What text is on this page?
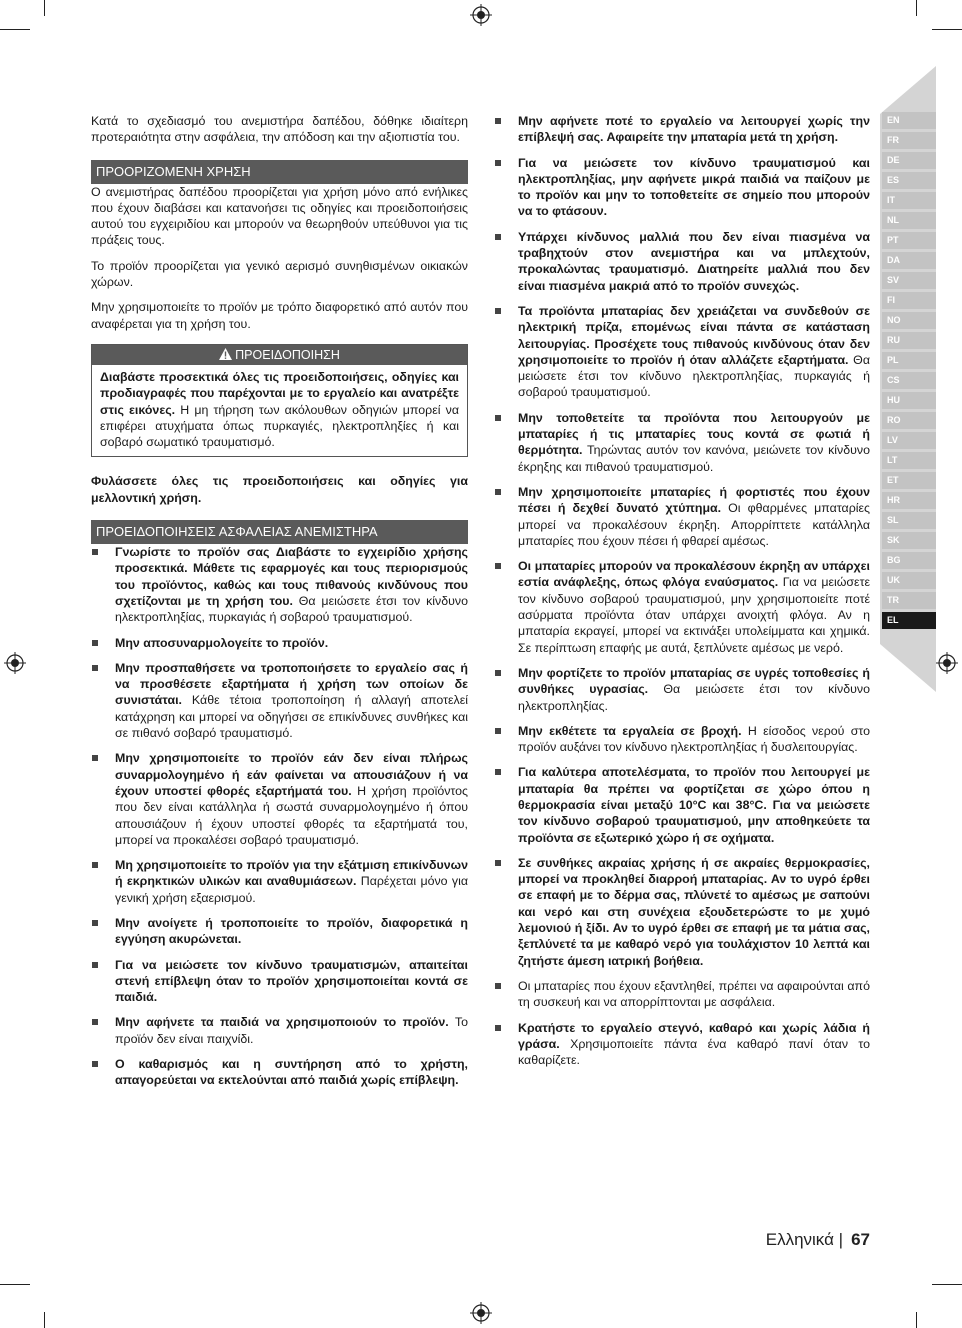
EN
FR
DE
ES
IT
NL
PT
DA
SV
FI
NO
RU
PL
CS
HU
RO
LV
LT
ET
HR
SL
SK
BG
UK
TR
EL

Κατά το σχεδιασμό του ανεμιστήρα δαπέδου, δόθηκε ιδιαίτερη προτεραιότητα στην ασφάλεια, την απόδοση και την αξιοπιστία του.

ΠΡΟΟΡΙΖΟΜΕΝΗ ΧΡΗΣΗ

Ο ανεμιστήρας δαπέδου προορίζεται για χρήση μόνο από ενήλικες που έχουν διαβάσει και κατανοήσει τις οδηγίες και προειδοποιήσεις αυτού του εγχειριδίου και μπορούν να θεωρηθούν υπεύθυνοι για τις πράξεις τους.

Το προϊόν προορίζεται για γενικό αερισμό συνηθισμένων οικιακών χώρων.

Μην χρησιμοποιείτε το προϊόν με τρόπο διαφορετικό από αυτόν που αναφέρεται για τη χρήση του.

ΠΡΟΕΙΔΟΠΟΙΗΣΗ
Διαβάστε προσεκτικά όλες τις προειδοποιήσεις, οδηγίες και προδιαγραφές που παρέχονται με το εργαλείο και ανατρέξτε στις εικόνες. Η μη τήρηση των ακόλουθων οδηγιών μπορεί να επιφέρει ατυχήματα όπως πυρκαγιές, ηλεκτροπληξίες ή και σοβαρό σωματικό τραυματισμό.

Φυλάσσετε όλες τις προειδοποιήσεις και οδηγίες για μελλοντική χρήση.

ΠΡΟΕΙΔΟΠΟΙΗΣΕΙΣ ΑΣΦΑΛΕΙΑΣ ΑΝΕΜΙΣΤΗΡΑ
Γνωρίστε το προϊόν σας Διαβάστε το εγχειρίδιο χρήσης προσεκτικά. Μάθετε τις εφαρμογές και τους περιορισμούς του προϊόντος, καθώς και τους πιθανούς κινδύνους που σχετίζονται με τη χρήση του. Θα μειώσετε έτσι τον κίνδυνο ηλεκτροπληξίας, πυρκαγιάς ή σοβαρού τραυματισμού.
Μην αποσυναρμολογείτε το προϊόν.
Μην προσπαθήσετε να τροποποιήσετε το εργαλείο σας ή να προσθέσετε εξαρτήματα ή χρήση των οποίων δε συνιστάται. Κάθε τέτοια τροποποίηση ή αλλαγή αποτελεί κατάχρηση και μπορεί να οδηγήσει σε επικίνδυνες συνθήκες και σε πιθανό σοβαρό τραυματισμό.
Μην χρησιμοποιείτε το προϊόν εάν δεν είναι πλήρως συναρμολογημένο ή εάν φαίνεται να απουσιάζουν ή να έχουν υποστεί φθορές εξαρτήματά του. Η χρήση προϊόντος που δεν είναι κατάλληλα ή σωστά συναρμολογημένο ή όπου απουσιάζουν ή έχουν υποστεί φθορές τα εξαρτήματά του, μπορεί να προκαλέσει σοβαρό τραυματισμό.
Μη χρησιμοποιείτε το προϊόν για την εξάτμιση επικίνδυνων ή εκρηκτικών υλικών και αναθυμιάσεων. Παρέχεται μόνο για γενική χρήση εξαερισμού.
Μην ανοίγετε ή τροποποιείτε το προϊόν, διαφορετικά η εγγύηση ακυρώνεται.
Για να μειώσετε τον κίνδυνο τραυματισμών, απαιτείται στενή επίβλεψη όταν το προϊόν χρησιμοποιείται κοντά σε παιδιά.
Μην αφήνετε τα παιδιά να χρησιμοποιούν το προϊόν. Το προϊόν δεν είναι παιχνίδι.
Ο καθαρισμός και η συντήρηση από το χρήστη, απαγορεύεται να εκτελούνται από παιδιά χωρίς επίβλεψη.
Μην αφήνετε ποτέ το εργαλείο να λειτουργεί χωρίς την επίβλεψή σας. Αφαιρείτε την μπαταρία μετά τη χρήση.
Για να μειώσετε τον κίνδυνο τραυματισμού και ηλεκτροπληξίας, μην αφήνετε μικρά παιδιά να παίζουν με το προϊόν και μην το τοποθετείτε σε σημείο που μπορούν να το φτάσουν.
Υπάρχει κίνδυνος μαλλιά που δεν είναι πιασμένα να τραβηχτούν στον ανεμιστήρα και να μπλεχτούν, προκαλώντας τραυματισμό. Διατηρείτε μαλλιά που δεν είναι πιασμένα μακριά από το προϊόν συνεχώς.
Τα προϊόντα μπαταρίας δεν χρειάζεται να συνδεθούν σε ηλεκτρική πρίζα, επομένως είναι πάντα σε κατάσταση λειτουργίας. Προσέχετε τους πιθανούς κινδύνους όταν δεν χρησιμοποιείτε το προϊόν ή όταν αλλάζετε εξαρτήματα. Θα μειώσετε έτσι τον κίνδυνο ηλεκτροπληξίας, πυρκαγιάς ή σοβαρού τραυματισμού.
Μην τοποθετείτε τα προϊόντα που λειτουργούν με μπαταρίες ή τις μπαταρίες τους κοντά σε φωτιά ή θερμότητα. Τηρώντας αυτόν τον κανόνα, μειώνετε τον κίνδυνο έκρηξης και πιθανού τραυματισμού.
Μην χρησιμοποιείτε μπαταρίες ή φορτιστές που έχουν πέσει ή δεχθεί δυνατό χτύπημα. Οι φθαρμένες μπαταρίες μπορεί να προκαλέσουν έκρηξη. Απορρίπτετε κατάλληλα μπαταρίες που έχουν πέσει ή φθαρεί αμέσως.
Οι μπαταρίες μπορούν να προκαλέσουν έκρηξη αν υπάρχει εστία ανάφλεξης, όπως φλόγα εναύσματος. Για να μειώσετε τον κίνδυνο σοβαρού τραυματισμού, μην χρησιμοποιείτε ποτέ ασύρματα προϊόντα όταν υπάρχει ανοιχτή φλόγα. Αν η μπαταρία εκραγεί, μπορεί να εκτινάξει υπολείμματα και χημικά. Σε περίπτωση επαφής με αυτά, ξεπλύνετε αμέσως με νερό.
Μην φορτίζετε το προϊόν μπαταρίας σε υγρές τοποθεσίες ή συνθήκες υγρασίας. Θα μειώσετε έτσι τον κίνδυνο ηλεκτροπληξίας.
Μην εκθέτετε τα εργαλεία σε βροχή. Η είσοδος νερού στο προϊόν αυξάνει τον κίνδυνο ηλεκτροπληξίας ή δυσλειτουργίας.
Για καλύτερα αποτελέσματα, το προϊόν που λειτουργεί με μπαταρία θα πρέπει να φορτίζεται σε χώρο όπου η θερμοκρασία είναι μεταξύ 10°C και 38°C. Για να μειώσετε τον κίνδυνο σοβαρού τραυματισμού, μην αποθηκεύετε τα προϊόντα σε εξωτερικό χώρο ή σε οχήματα.
Σε συνθήκες ακραίας χρήσης ή σε ακραίες θερμοκρασίες, μπορεί να προκληθεί διαρροή μπαταρίας. Αν το υγρό έρθει σε επαφή με το δέρμα σας, πλύνετέ το αμέσως με σαπούνι και νερό και στη συνέχεια εξουδετερώστε το με χυμό λεμονιού ή ξίδι. Αν το υγρό έρθει σε επαφή με τα μάτια σας, ξεπλύνετέ τα με καθαρό νερό για τουλάχιστον 10 λεπτά και ζητήστε άμεση ιατρική βοήθεια.
Οι μπαταρίες που έχουν εξαντληθεί, πρέπει να αφαιρούνται από τη συσκευή και να απορρίπτονται με ασφάλεια.
Κρατήστε το εργαλείο στεγνό, καθαρό και χωρίς λάδια ή γράσα. Χρησιμοποιείτε πάντα ένα καθαρό πανί όταν το καθαρίζετε.
Ελληνικά | 67
